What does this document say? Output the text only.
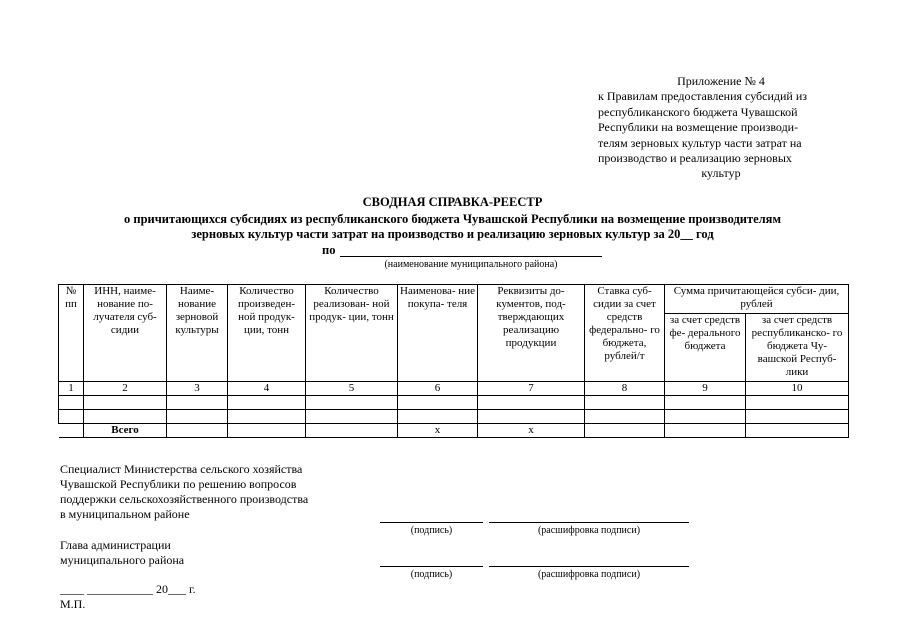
Приложение № 4
к Правилам предоставления субсидий из
республиканского бюджета Чувашской
Республики на возмещение производи-
телям зерновых культур части затрат на
производство и реализацию зерновых
культур
СВОДНАЯ СПРАВКА-РЕЕСТР
о причитающихся субсидиях из республиканского бюджета Чувашской Республики на возмещение производителям
зерновых культур части затрат на производство и реализацию зерновых культур за 20__ год
по
(наименование муниципального района)
№ пп	ИНН, наиме- нование по- лучателя суб- сидии	Наиме- нование зерновой культуры	Количество произведен- ной продук- ции, тонн	Количество реализован- ной продук- ции, тонн	Наименова- ние покупа- теля	Реквизиты до- кументов, под- тверждающих реализацию продукции	Ставка суб- сидии за счет средств федерально- го бюджета, рублей/т	Сумма причитающейся субси- дии, рублей	
								за счет средств фе- дерального бюджета	за счет средств республиканско- го бюджета Чу- вашской Респуб- лики
1	2	3	4	5	6	7	8	9	10

	Всего				x	x			
Специалист Министерства сельского хозяйства
Чувашской Республики по решению вопросов
поддержки сельскохозяйственного производства
в муниципальном районе
(подпись)	(расшифровка подписи)
Глава администрации
муниципального района
(подпись)	(расшифровка подписи)
____ ___________ 20___ г.
М.П.
